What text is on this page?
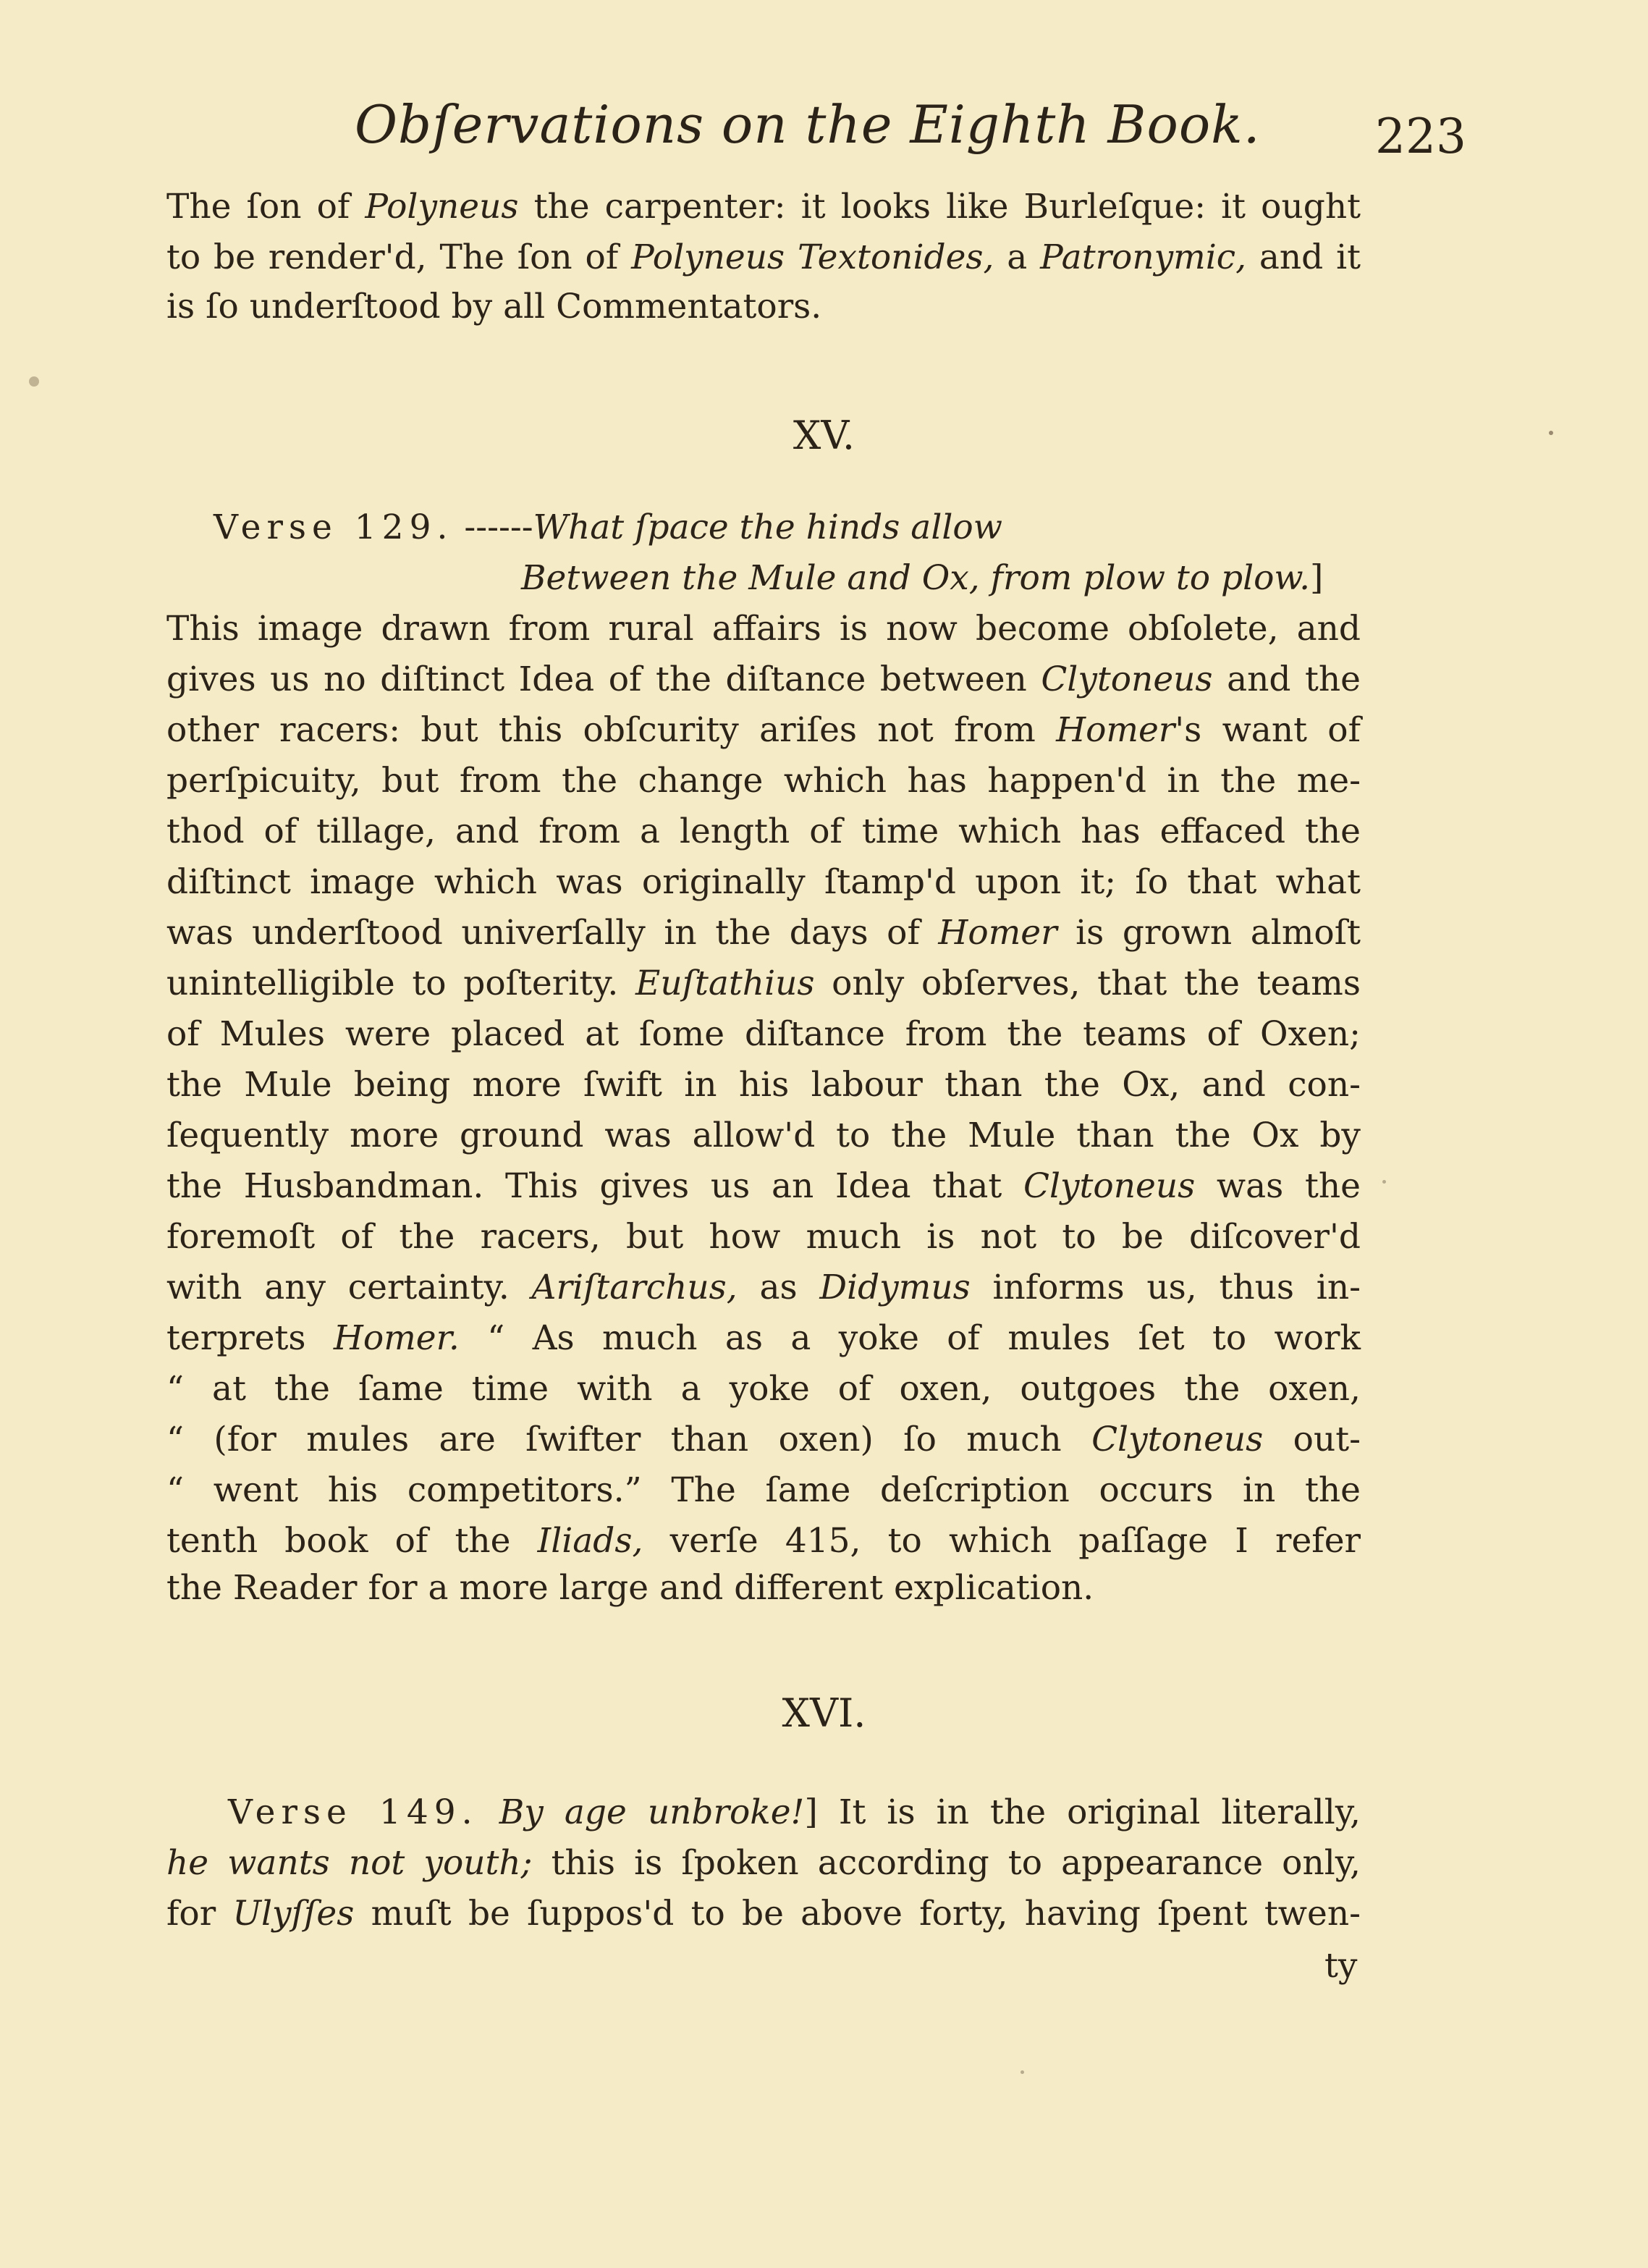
Obſervations on the Eighth Book. 223
The ſon of Polyneus the carpenter: it looks like Burleſque: it ought
to be render'd, The ſon of Polyneus Textonides, a Patronymic, and it
is ſo underſtood by all Commentators.
XV.
Verse 129. ------What ſpace the hinds allow
Between the Mule and Ox, from plow to plow.]
This image drawn from rural affairs is now become obſolete, and
gives us no diſtinct Idea of the diſtance between Clytoneus and the
other racers: but this obſcurity ariſes not from Homer's want of
perſpicuity, but from the change which has happen'd in the me-
thod of tillage, and from a length of time which has effaced the
diſtinct image which was originally ſtamp'd upon it; ſo that what
was underſtood univerſally in the days of Homer is grown almoſt
unintelligible to poſterity. Euſtathius only obſerves, that the teams
of Mules were placed at ſome diſtance from the teams of Oxen;
the Mule being more ſwift in his labour than the Ox, and con-
ſequently more ground was allow'd to the Mule than the Ox by
the Husbandman. This gives us an Idea that Clytoneus was the
foremoſt of the racers, but how much is not to be diſcover'd
with any certainty. Ariſtarchus, as Didymus informs us, thus in-
terprets Homer. “ As much as a yoke of mules ſet to work
“ at the ſame time with a yoke of oxen, outgoes the oxen,
“ (for mules are ſwifter than oxen) ſo much Clytoneus out-
“ went his competitors.” The ſame deſcription occurs in the
tenth book of the Iliads, verſe 415, to which paſſage I refer
the Reader for a more large and different explication.
XVI.
Verse 149. By age unbroke!] It is in the original literally,
he wants not youth; this is ſpoken according to appearance only,
for Ulyſſes muſt be ſuppos'd to be above forty, having ſpent twen-
ty
